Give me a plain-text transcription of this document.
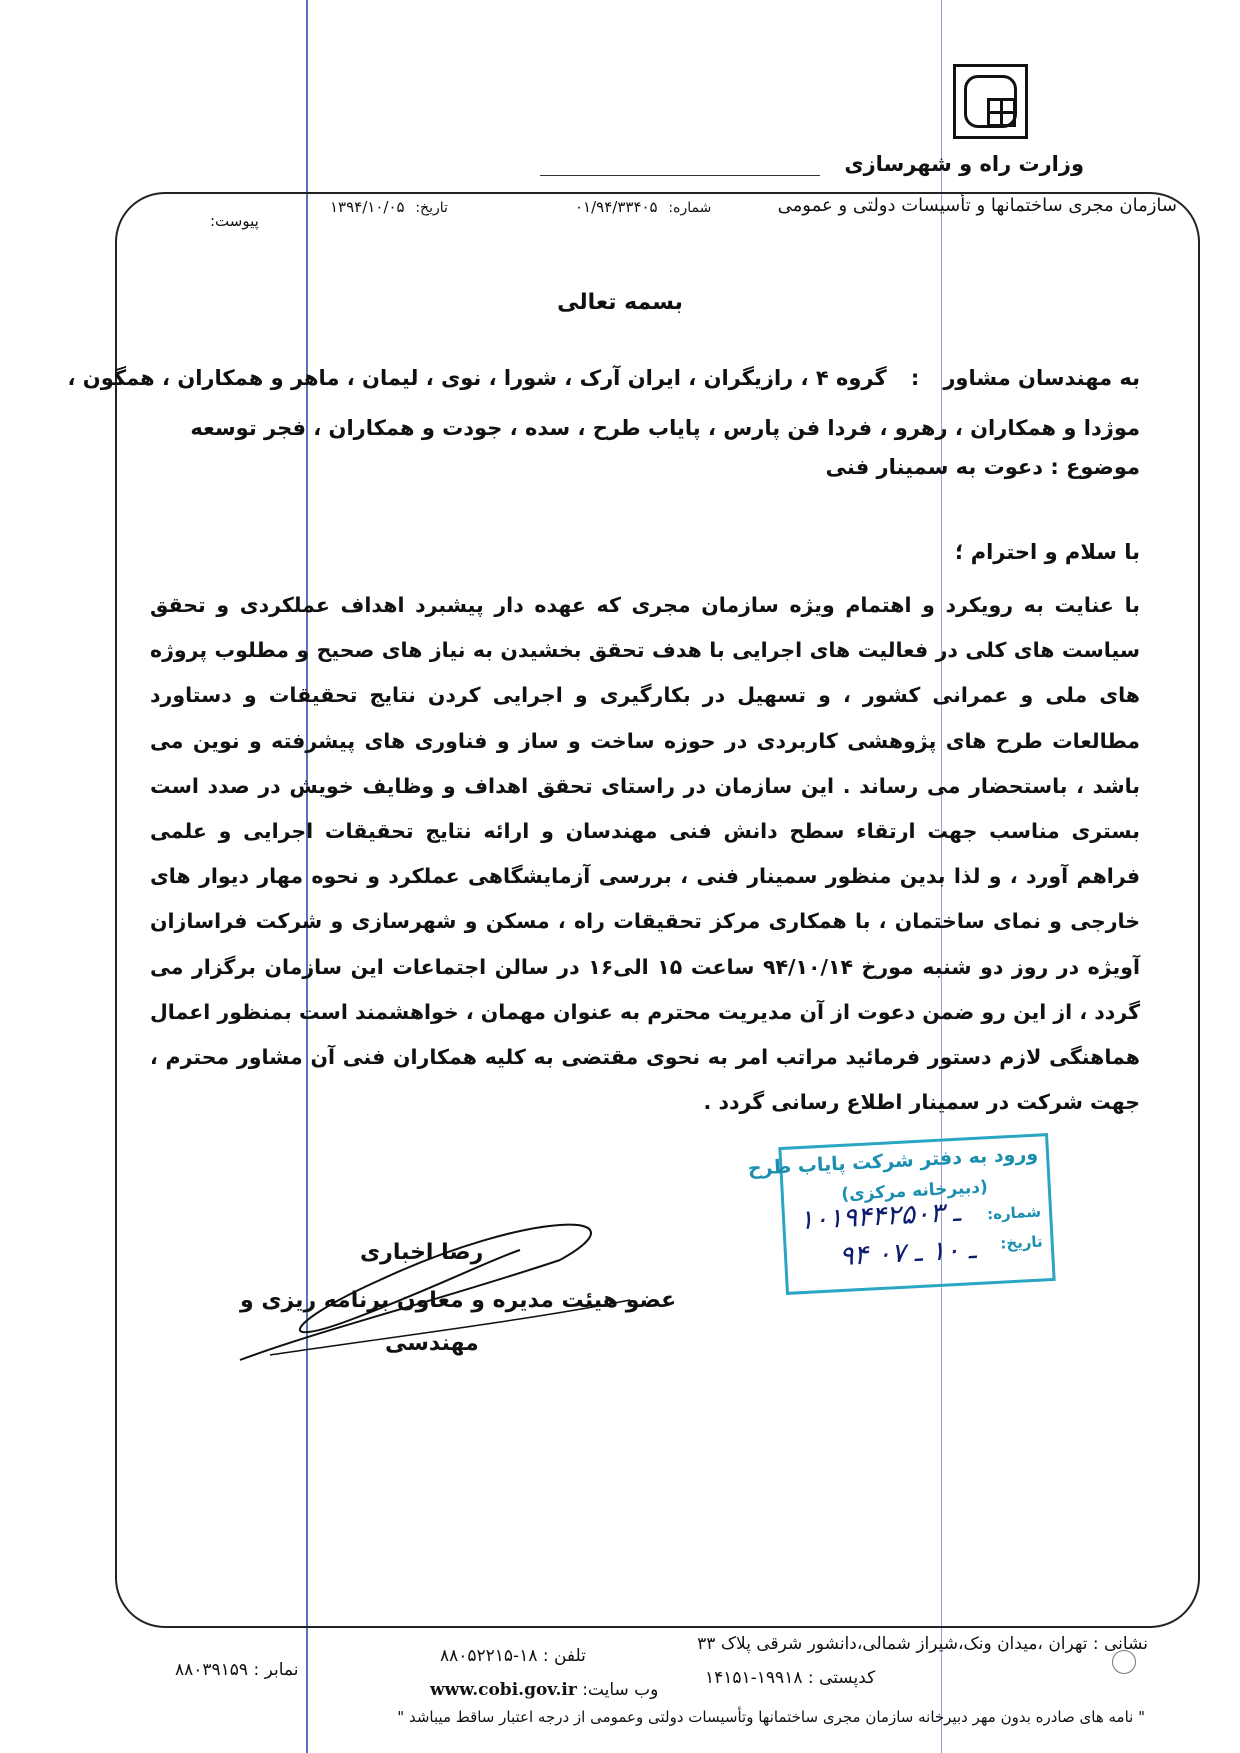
وزارت راه و شهرسازی
سازمان مجری ساختمانها و تأسیسات دولتی و عمومی
شماره: ۰۱/۹۴/۳۳۴۰۵
تاریخ: ۱۳۹۴/۱۰/۰۵
پیوست:
بسمه تعالی
به مهندسان مشاور : گروه ۴ ، رازیگران ، ایران آرک ، شورا ، نوی ، لیمان ، ماهر و همکاران ، همگون ،
موژدا و همکاران ، رهرو ، فردا فن پارس ، پایاب طرح ، سده ، جودت و همکاران ، فجر توسعه
موضوع : دعوت به سمینار فنی
با سلام و احترام ؛
با عنایت به رویکرد و اهتمام ویژه سازمان مجری که عهده دار پیشبرد اهداف عملکردی و تحقق سیاست های کلی در فعالیت های اجرایی با هدف تحقق بخشیدن به نیاز های صحیح و مطلوب پروژه های ملی و عمرانی کشور ، و تسهیل در بکارگیری و اجرایی کردن نتایج تحقیقات و دستاورد مطالعات طرح های پژوهشی کاربردی در حوزه ساخت و ساز و فناوری های پیشرفته و نوین می باشد ، باستحضار می رساند . این سازمان در راستای تحقق اهداف و وظایف خویش در صدد است بستری مناسب جهت ارتقاء سطح دانش فنی مهندسان و ارائه نتایج تحقیقات اجرایی و علمی فراهم آورد ، و لذا بدین منظور سمینار فنی ، بررسی آزمایشگاهی عملکرد و نحوه مهار دیوار های خارجی و نمای ساختمان ، با همکاری مرکز تحقیقات راه ، مسکن و شهرسازی و شرکت فراسازان آویژه در روز دو شنبه مورخ ۹۴/۱۰/۱۴ ساعت ۱۵ الی۱۶ در سالن اجتماعات این سازمان برگزار می گردد ، از این رو ضمن دعوت از آن مدیریت محترم به عنوان مهمان ، خواهشمند است بمنظور اعمال هماهنگی لازم دستور فرمائید مراتب امر به نحوی مقتضی به کلیه همکاران فنی آن مشاور محترم ، جهت شرکت در سمینار اطلاع رسانی گردد .
رضا اخباری
عضو هیئت مدیره و معاون برنامه ریزی و
مهندسی
ورود به دفتر شرکت پایاب طرح
(دبیرخانه مرکزی)
شماره:
تاریخ:
۱۰۱۹۴ـ ۴۲۵۰۳
۹۴ ـ ۱۰ ـ ۰۷
نشانی : تهران ،میدان ونک،شیراز شمالی،دانشور شرقی پلاک ۳۳
تلفن : ۱۸-۸۸۰۵۲۲۱۵
نمابر : ۸۸۰۳۹۱۵۹	کدپستی : ۱۹۹۱۸-۱۴۱۵۱
وب سایت: www.cobi.gov.ir
" نامه های صادره بدون مهر دبیرخانه سازمان مجری ساختمانها وتأسیسات دولتی وعمومی از درجه اعتبار ساقط میباشد "
